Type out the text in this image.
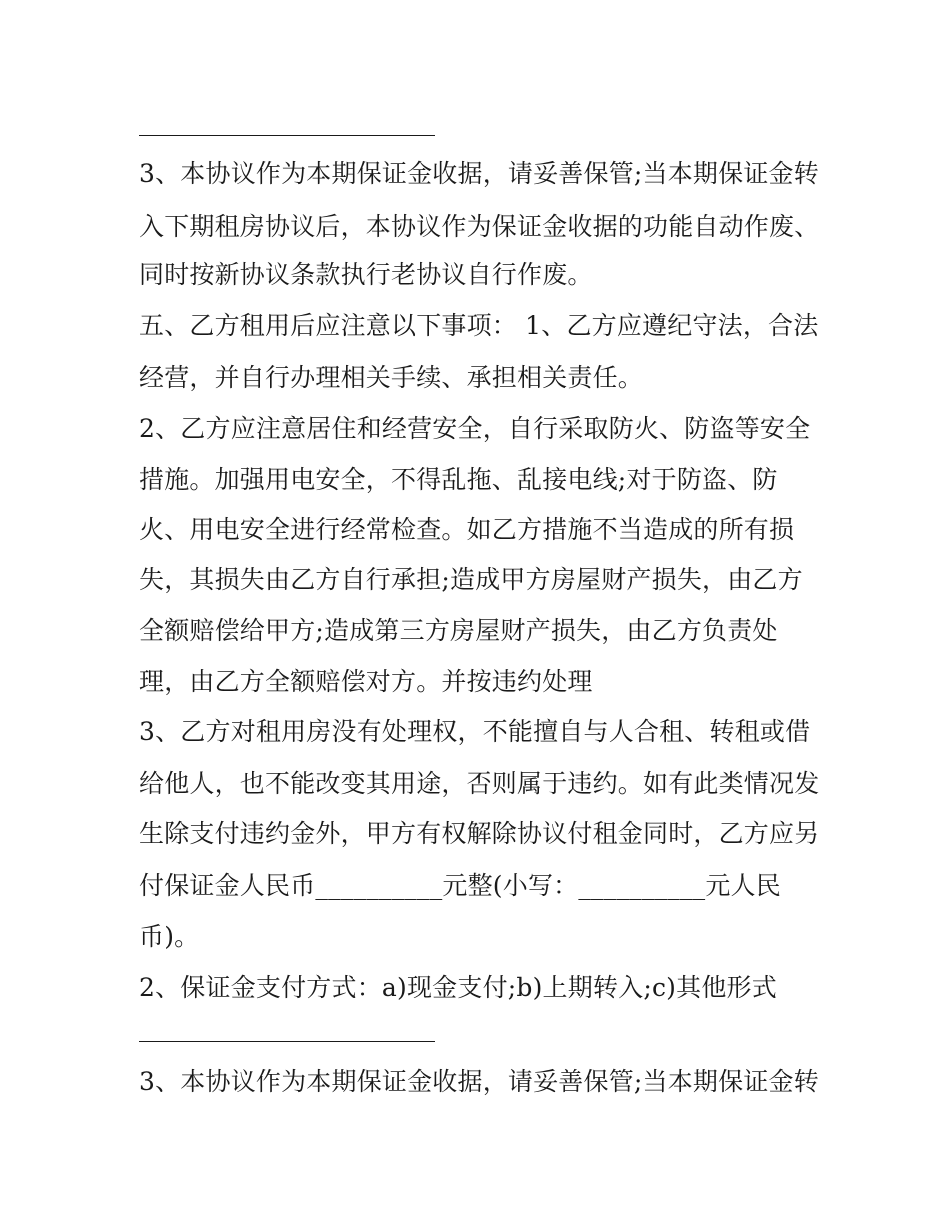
3、本协议作为本期保证金收据，请妥善保管;当本期保证金转

入下期租房协议后，本协议作为保证金收据的功能自动作废、

同时按新协议条款执行老协议自行作废。

五、乙方租用后应注意以下事项： 1、乙方应遵纪守法，合法

经营，并自行办理相关手续、承担相关责任。

2、乙方应注意居住和经营安全，自行采取防火、防盗等安全

措施。加强用电安全，不得乱拖、乱接电线;对于防盗、防

火、用电安全进行经常检查。如乙方措施不当造成的所有损

失，其损失由乙方自行承担;造成甲方房屋财产损失，由乙方

全额赔偿给甲方;造成第三方房屋财产损失，由乙方负责处

理，由乙方全额赔偿对方。并按违约处理

3、乙方对租用房没有处理权，不能擅自与人合租、转租或借

给他人，也不能改变其用途，否则属于违约。如有此类情况发

生除支付违约金外，甲方有权解除协议付租金同时，乙方应另

付保证金人民币__________元整(小写：__________元人民

币)。

2、保证金支付方式：a)现金支付;b)上期转入;c)其他形式

3、本协议作为本期保证金收据，请妥善保管;当本期保证金转
